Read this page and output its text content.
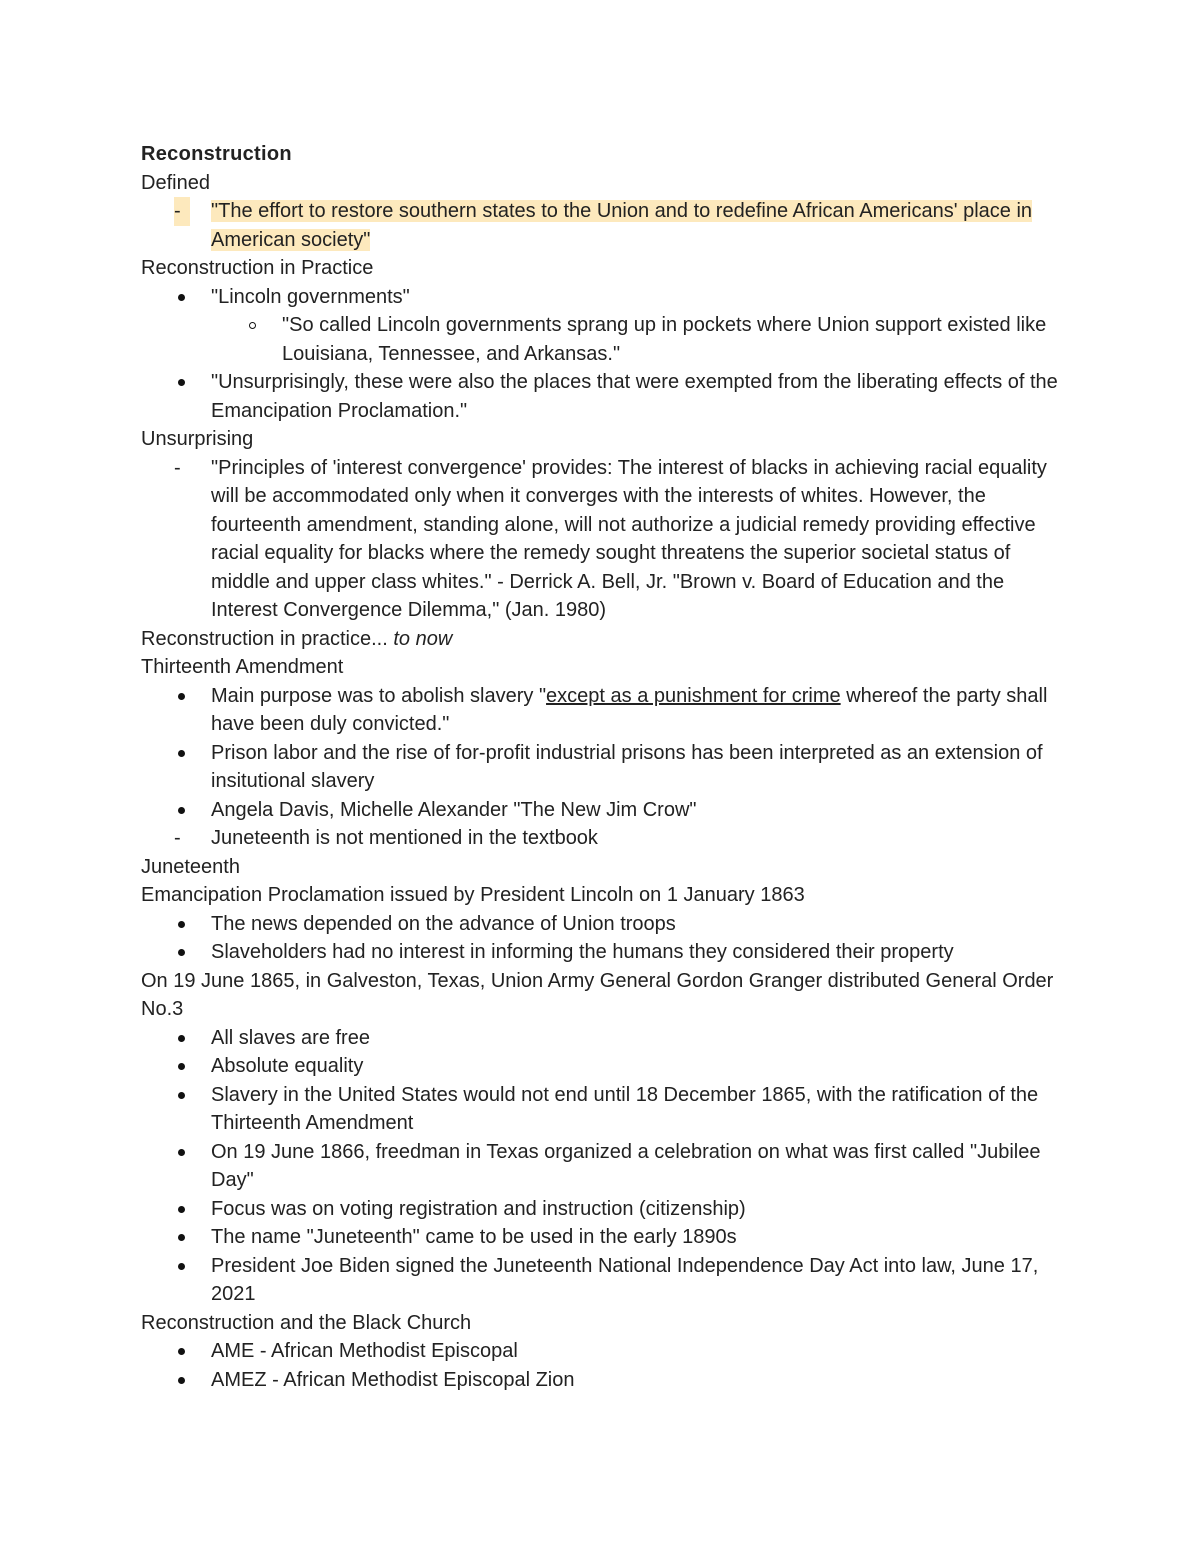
Reconstruction

Defined

-	"The effort to restore southern states to the Union and to redefine African Americans' place in American society"

Reconstruction in Practice

"Lincoln governments"
"So called Lincoln governments sprang up in pockets where Union support existed like Louisiana, Tennessee, and Arkansas."
"Unsurprisingly, these were also the places that were exempted from the liberating effects of the Emancipation Proclamation."

Unsurprising

- "Principles of 'interest convergence' provides: The interest of blacks in achieving racial equality will be accommodated only when it converges with the interests of whites. However, the fourteenth amendment, standing alone, will not authorize a judicial remedy providing effective racial equality for blacks where the remedy sought threatens the superior societal status of middle and upper class whites." - Derrick A. Bell, Jr. "Brown v. Board of Education and the Interest Convergence Dilemma," (Jan. 1980)

Reconstruction in practice... to now

Thirteenth Amendment

Main purpose was to abolish slavery "except as a punishment for crime whereof the party shall have been duly convicted."
Prison labor and the rise of for-profit industrial prisons has been interpreted as an extension of insitutional slavery
Angela Davis, Michelle Alexander "The New Jim Crow"
- Juneteenth is not mentioned in the textbook

Juneteenth

Emancipation Proclamation issued by President Lincoln on 1 January 1863

The news depended on the advance of Union troops
Slaveholders had no interest in informing the humans they considered their property

On 19 June 1865, in Galveston, Texas, Union Army General Gordon Granger distributed General Order No.3

All slaves are free
Absolute equality
Slavery in the United States would not end until 18 December 1865, with the ratification of the Thirteenth Amendment
On 19 June 1866, freedman in Texas organized a celebration on what was first called "Jubilee Day"
Focus was on voting registration and instruction (citizenship)
The name "Juneteenth" came to be used in the early 1890s
President Joe Biden signed the Juneteenth National Independence Day Act into law, June 17, 2021

Reconstruction and the Black Church

AME - African Methodist Episcopal
AMEZ - African Methodist Episcopal Zion
